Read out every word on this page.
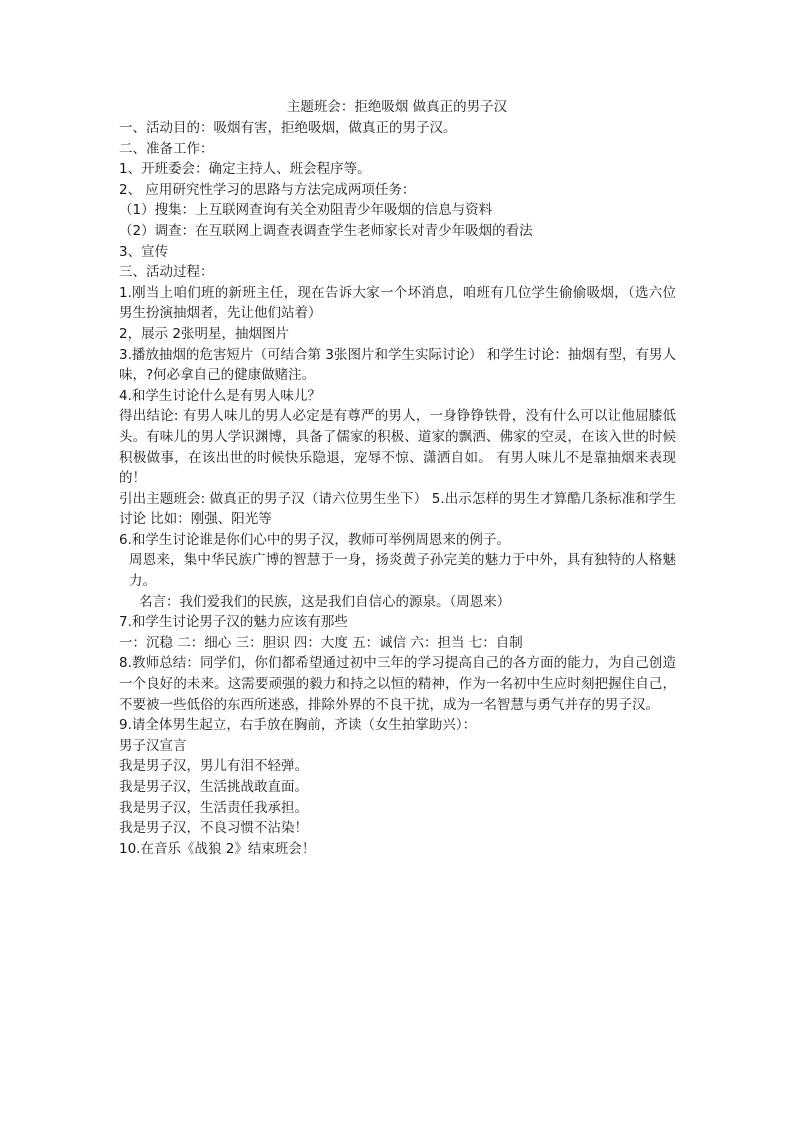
主题班会：拒绝吸烟 做真正的男子汉

一、活动目的：吸烟有害，拒绝吸烟，做真正的男子汉。

二、准备工作：

1、开班委会：确定主持人、班会程序等。

2、 应用研究性学习的思路与方法完成两项任务：

（1）搜集：上互联网查询有关全劝阻青少年吸烟的信息与资料

（2）调查：在互联网上调查表调查学生老师家长对青少年吸烟的看法

3、宣传

三、活动过程：

1.刚当上咱们班的新班主任，现在告诉大家一个坏消息，咱班有几位学生偷偷吸烟，（选六位男生扮演抽烟者，先让他们站着）

2，展示 2张明星，抽烟图片

3.播放抽烟的危害短片（可结合第 3张图片和学生实际讨论） 和学生讨论：抽烟有型，有男人味，?何必拿自己的健康做赌注。

4.和学生讨论什么是有男人味儿？

得出结论: 有男人味儿的男人必定是有尊严的男人，一身铮铮铁骨，没有什么可以让他屈膝低头。有味儿的男人学识渊博，具备了儒家的积极、道家的飘洒、佛家的空灵，在该入世的时候积极做事，在该出世的时候快乐隐退，宠辱不惊、潇洒自如。 有男人味儿不是靠抽烟来表现的！

引出主题班会: 做真正的男子汉（请六位男生坐下） 5.出示怎样的男生才算酷几条标准和学生讨论 比如：刚强、阳光等

6.和学生讨论谁是你们心中的男子汉，教师可举例周恩来的例子。

周恩来，集中华民族广博的智慧于一身，扬炎黄子孙完美的魅力于中外，具有独特的人格魅力。

名言：我们爱我们的民族，这是我们自信心的源泉。（周恩来）

7.和学生讨论男子汉的魅力应该有那些

一：沉稳 二：细心 三：胆识 四：大度 五：诚信 六：担当 七：自制

8.教师总结：同学们，你们都希望通过初中三年的学习提高自己的各方面的能力，为自己创造一个良好的未来。这需要顽强的毅力和持之以恒的精神，作为一名初中生应时刻把握住自己，不要被一些低俗的东西所迷惑，排除外界的不良干扰，成为一名智慧与勇气并存的男子汉。

9.请全体男生起立，右手放在胸前，齐读（女生拍掌助兴）：

男子汉宣言

我是男子汉，男儿有泪不轻弹。

我是男子汉，生活挑战敢直面。

我是男子汉，生活责任我承担。

我是男子汉，不良习惯不沾染！

10.在音乐《战狼 2》结束班会！
